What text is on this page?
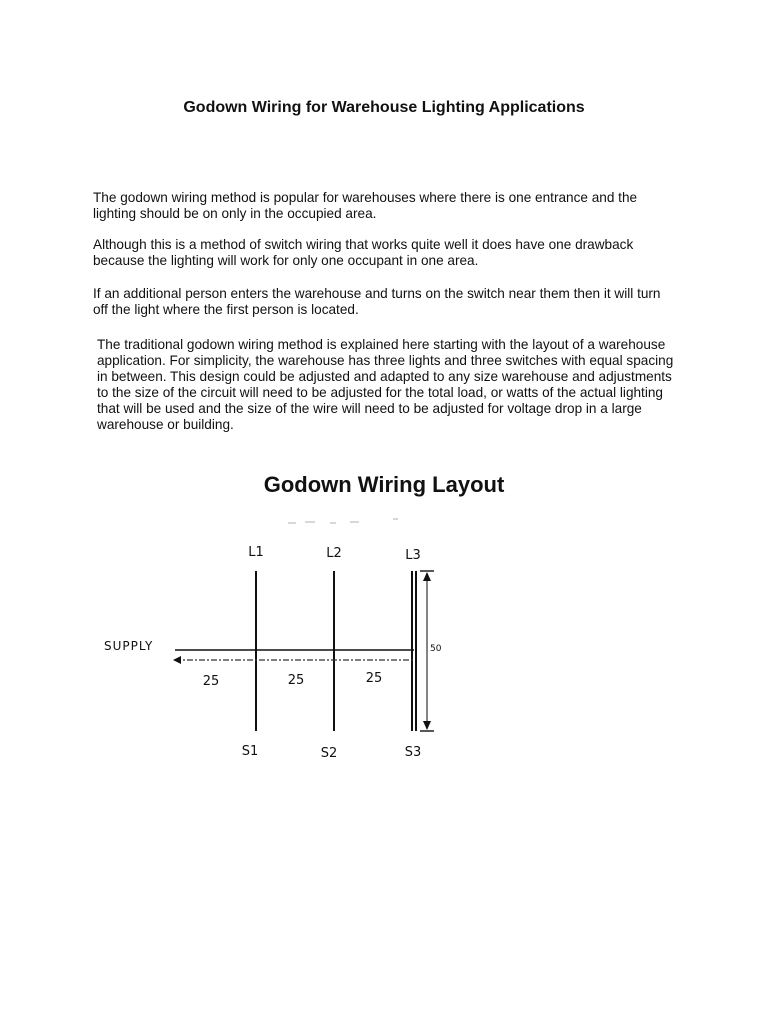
Godown Wiring for Warehouse Lighting Applications

The godown wiring method is popular for warehouses where there is one entrance and the lighting should be on only in the occupied area.

Although this is a method of switch wiring that works quite well it does have one drawback because the lighting will work for only one occupant in one area.

If an additional person enters the warehouse and turns on the switch near them then it will turn off the light where the first person is located.

The traditional godown wiring method is explained here starting with the layout of a warehouse application. For simplicity, the warehouse has three lights and three switches with equal spacing in between. This design could be adjusted and adapted to any size warehouse and adjustments to the size of the circuit will need to be adjusted for the total load, or watts of the actual lighting that will be used and the size of the wire will need to be adjusted for voltage drop in a large warehouse or building.

Godown Wiring Layout
L1	L2	L3
SUPPLY
25	25	25
50
S1	S2	S3
